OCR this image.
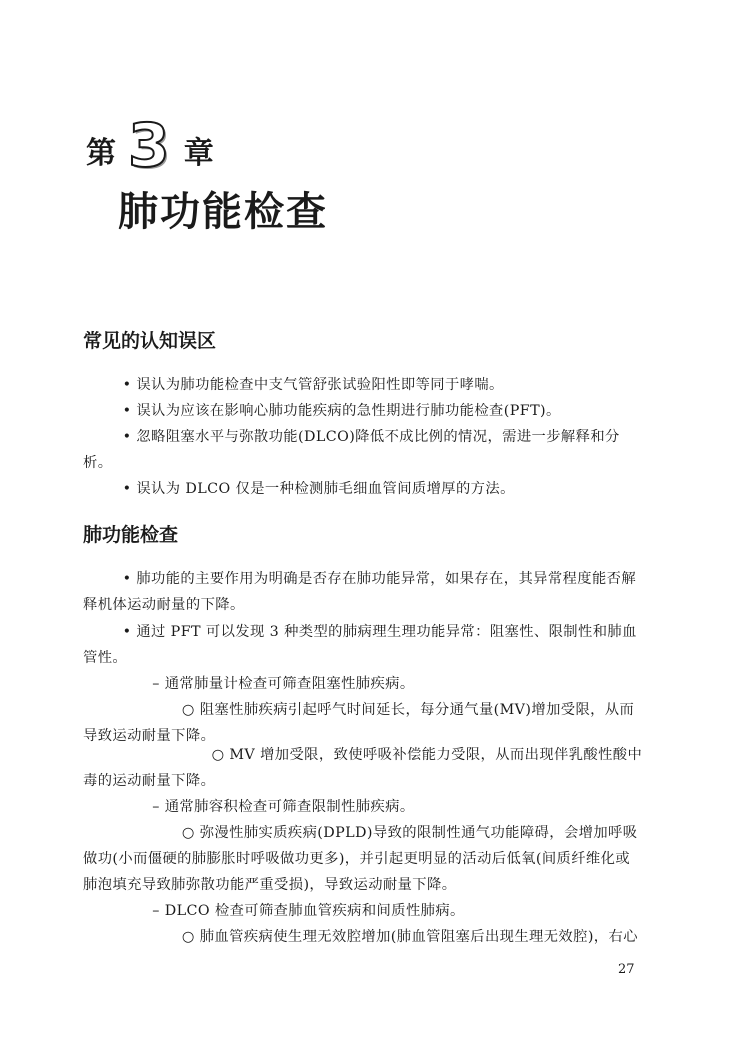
第 3 章
肺功能检查
常见的认知误区

• 误认为肺功能检查中支气管舒张试验阳性即等同于哮喘。

• 误认为应该在影响心肺功能疾病的急性期进行肺功能检查(PFT)。

• 忽略阻塞水平与弥散功能(DLCO)降低不成比例的情况，需进一步解释和分析。

• 误认为 DLCO 仅是一种检测肺毛细血管间质增厚的方法。

肺功能检查

• 肺功能的主要作用为明确是否存在肺功能异常，如果存在，其异常程度能否解释机体运动耐量的下降。

• 通过 PFT 可以发现 3 种类型的肺病理生理功能异常：阻塞性、限制性和肺血管性。

– 通常肺量计检查可筛查阻塞性肺疾病。

○ 阻塞性肺疾病引起呼气时间延长，每分通气量(MV)增加受限，从而导致运动耐量下降。

○ MV 增加受限，致使呼吸补偿能力受限，从而出现伴乳酸性酸中毒的运动耐量下降。

– 通常肺容积检查可筛查限制性肺疾病。

○ 弥漫性肺实质疾病(DPLD)导致的限制性通气功能障碍，会增加呼吸做功(小而僵硬的肺膨胀时呼吸做功更多)，并引起更明显的活动后低氧(间质纤维化或肺泡填充导致肺弥散功能严重受损)，导致运动耐量下降。

– DLCO 检查可筛查肺血管疾病和间质性肺病。

○ 肺血管疾病使生理无效腔增加(肺血管阻塞后出现生理无效腔)，右心

27
